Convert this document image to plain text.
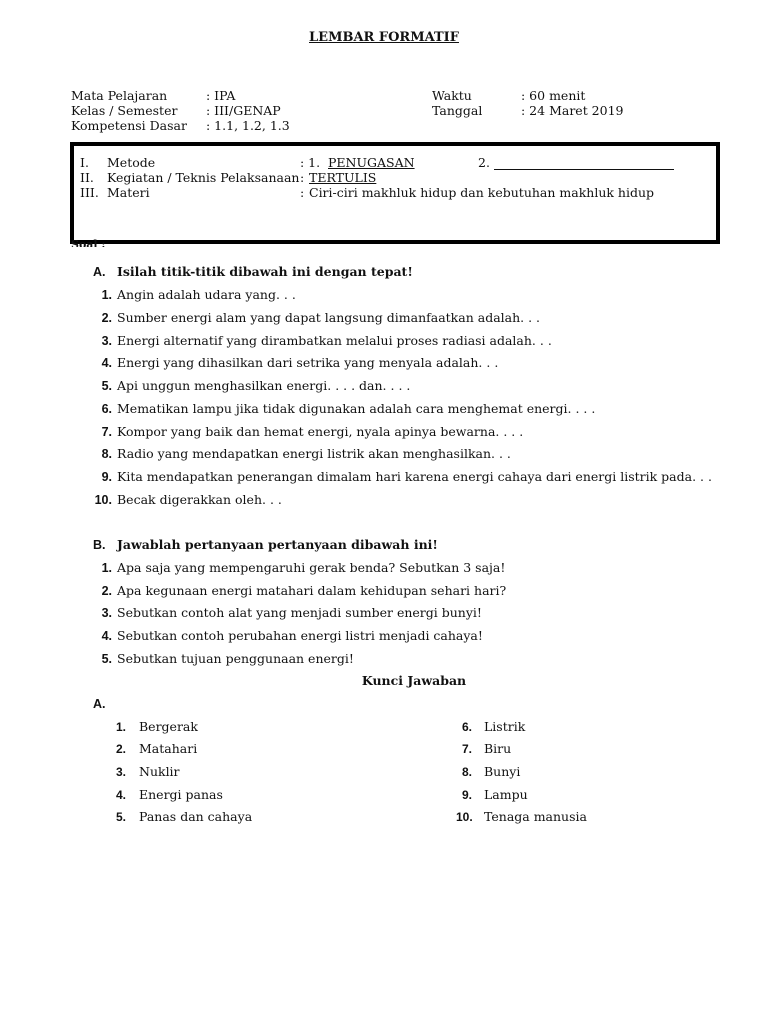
LEMBAR FORMATIF
Mata Pelajaran	: IPA
Kelas / Semester : III/GENAP
Kompetensi Dasar : 1.1, 1.2, 1.3
Waktu	: 60 menit
Tanggal	: 24 Maret 2019
I. Metode	: 1. PENUGASAN	2.
II. Kegiatan / Teknis Pelaksanaan : TERTULIS
III. Materi	: Ciri-ciri makhluk hidup dan kebutuhan makhluk hidup
Soal :
A. Isilah titik-titik dibawah ini dengan tepat!
1. Angin adalah udara yang. . .
2. Sumber energi alam yang dapat langsung dimanfaatkan adalah. . .
3. Energi alternatif yang dirambatkan melalui proses radiasi adalah. . .
4. Energi yang dihasilkan dari setrika yang menyala adalah. . .
5. Api unggun menghasilkan energi. . . . dan. . . .
6. Mematikan lampu jika tidak digunakan adalah cara menghemat energi. . . .
7. Kompor yang baik dan hemat energi, nyala apinya bewarna. . . .
8. Radio yang mendapatkan energi listrik akan menghasilkan. . .
9. Kita mendapatkan penerangan dimalam hari karena energi cahaya dari energi listrik pada. . .
10. Becak digerakkan oleh. . .
B. Jawablah pertanyaan pertanyaan dibawah ini!
1. Apa saja yang mempengaruhi gerak benda? Sebutkan 3 saja!
2. Apa kegunaan energi matahari dalam kehidupan sehari hari?
3. Sebutkan contoh alat yang menjadi sumber energi bunyi!
4. Sebutkan contoh perubahan energi listri menjadi cahaya!
5. Sebutkan tujuan penggunaan energi!
Kunci Jawaban
A.
1. Bergerak
2. Matahari
3. Nuklir
4. Energi panas
5. Panas dan cahaya
6. Listrik
7. Biru
8. Bunyi
9. Lampu
10. Tenaga manusia
